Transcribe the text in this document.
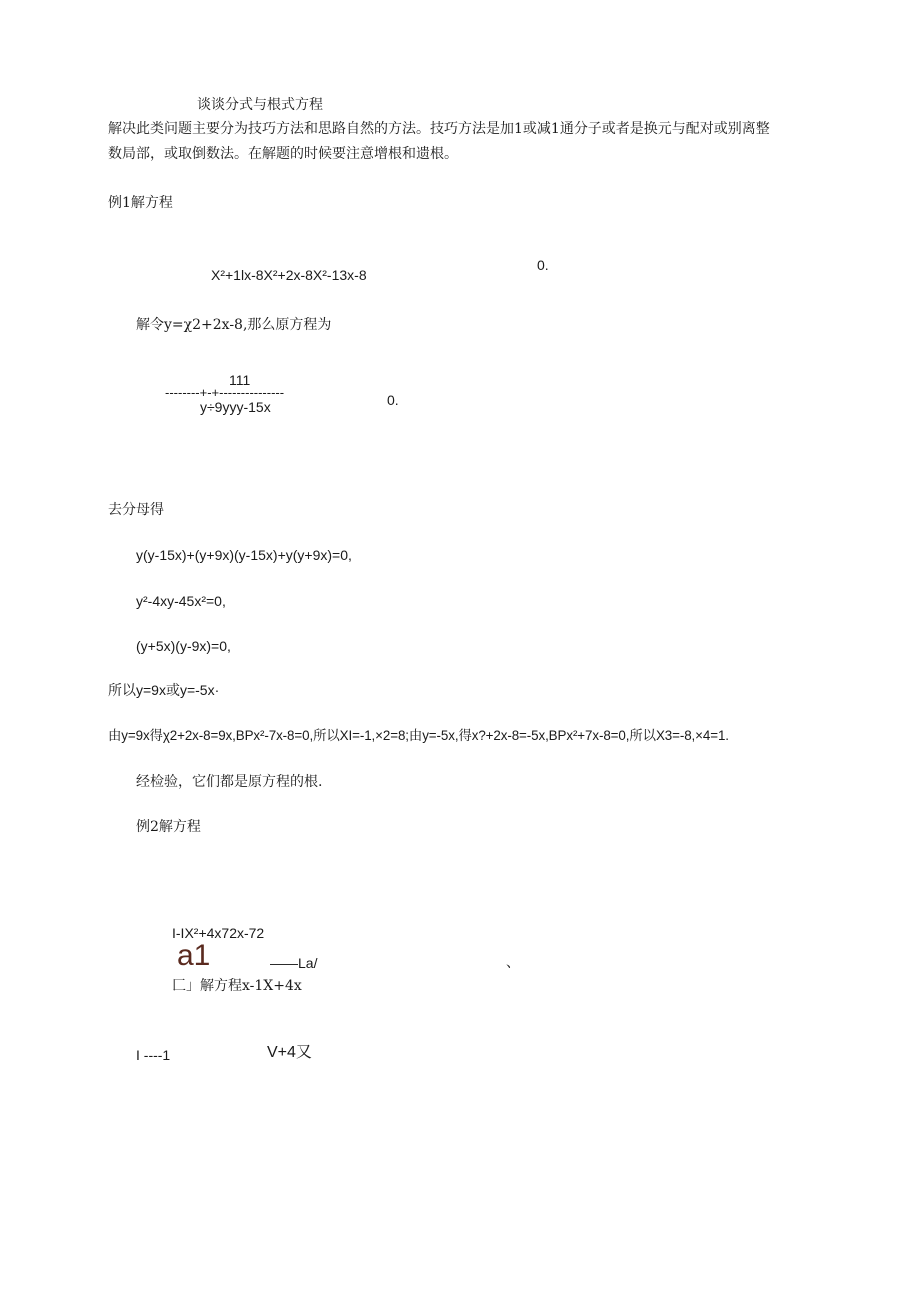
谈谈分式与根式方程
解决此类问题主要分为技巧方法和思路自然的方法。技巧方法是加1或减1通分子或者是换元与配对或别离整
数局部，或取倒数法。在解题的时候要注意增根和遗根。
例1解方程
X²+1lx-8X²+2x-8X²-13x-8
0.
解令y=χ2+2x-8,那么原方程为
111
--------+-+---------------
y÷9yyy-15x	0.
去分母得
y(y-15x)+(y+9x)(y-15x)+y(y+9x)=0,
y²-4xy-45x²=0,
(y+5x)(y-9x)=0,
所以y=9x或y=-5x·
由y=9x得χ2+2x-8=9x,BPx²-7x-8=0,所以XI=-1,×2=8;由y=-5x,得x?+2x-8=-5x,BPx²+7x-8=0,所以X3=-8,×4=1.
经检验，它们都是原方程的根.
例2解方程
I-IX²+4x72x-72
a1	——La/	、
匚」解方程x-1X+4x
I ----1	V+4又
